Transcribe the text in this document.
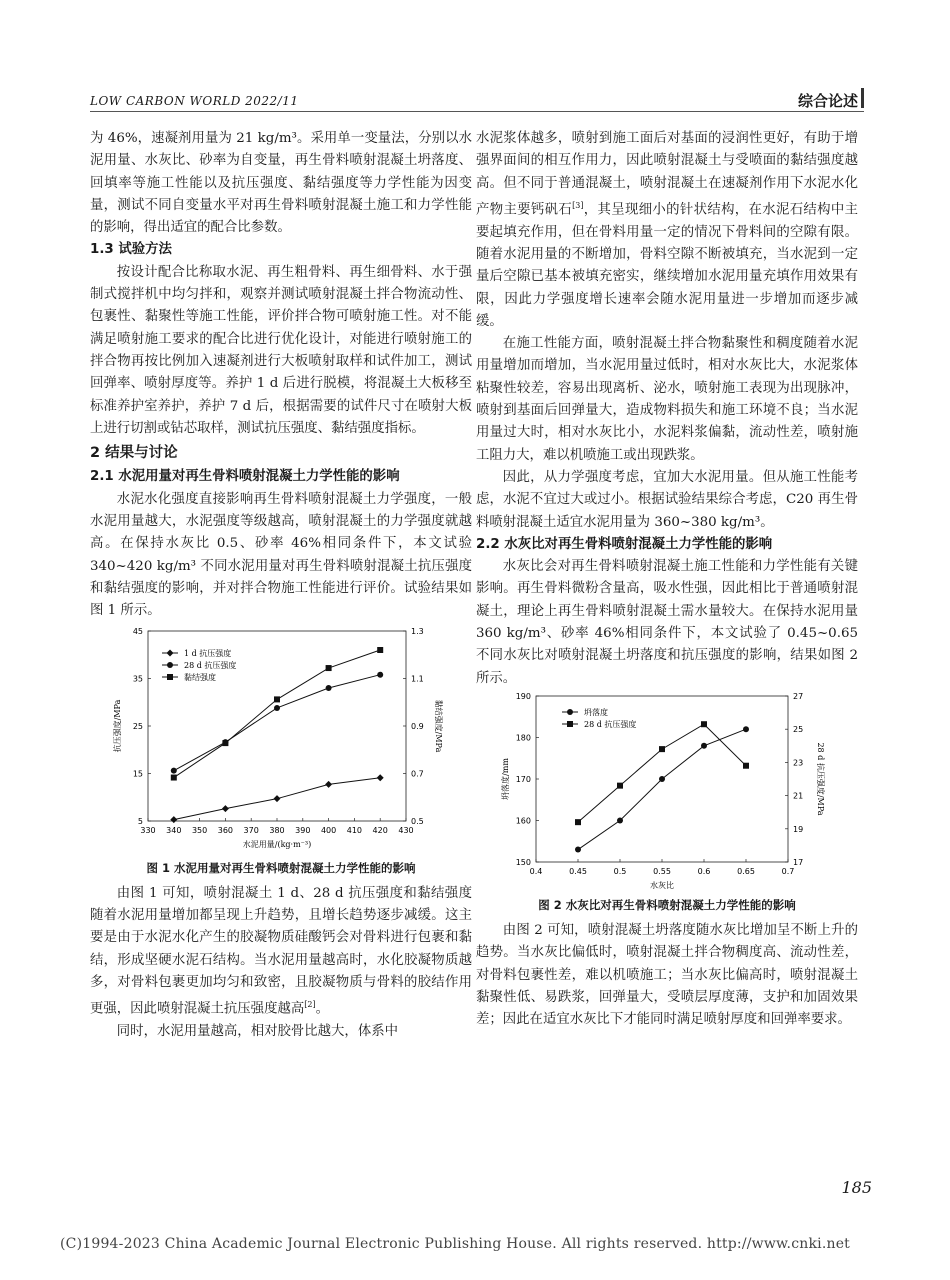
LOW CARBON WORLD 2022/11	综合论述

为 46%，速凝剂用量为 21 kg/m³。采用单一变量法，分别以水泥用量、水灰比、砂率为自变量，再生骨料喷射混凝土坍落度、回填率等施工性能以及抗压强度、黏结强度等力学性能为因变量，测试不同自变量水平对再生骨料喷射混凝土施工和力学性能的影响，得出适宜的配合比参数。

1.3 试验方法

按设计配合比称取水泥、再生粗骨料、再生细骨料、水于强制式搅拌机中均匀拌和，观察并测试喷射混凝土拌合物流动性、包裹性、黏聚性等施工性能，评价拌合物可喷射施工性。对不能满足喷射施工要求的配合比进行优化设计，对能进行喷射施工的拌合物再按比例加入速凝剂进行大板喷射取样和试件加工，测试回弹率、喷射厚度等。养护 1 d 后进行脱模，将混凝土大板移至标准养护室养护，养护 7 d 后，根据需要的试件尺寸在喷射大板上进行切割或钻芯取样，测试抗压强度、黏结强度指标。

2 结果与讨论
2.1 水泥用量对再生骨料喷射混凝土力学性能的影响

水泥水化强度直接影响再生骨料喷射混凝土力学强度，一般水泥用量越大，水泥强度等级越高，喷射混凝土的力学强度就越高。在保持水灰比 0.5、砂率 46%相同条件下，本文试验 340~420 kg/m³ 不同水泥用量对再生骨料喷射混凝土抗压强度和黏结强度的影响，并对拌合物施工性能进行评价。试验结果如图 1 所示。

330 340 350 360 370 380 390 400 410 420 430
5
15
25
35
45
0.5
0.7
0.9
1.1
1.3
水泥用量/(kg·m⁻³)
抗压强度/MPa	黏结强度/MPa
1 d 抗压强度
28 d 抗压强度
黏结强度
图 1 水泥用量对再生骨料喷射混凝土力学性能的影响

由图 1 可知，喷射混凝土 1 d、28 d 抗压强度和黏结强度随着水泥用量增加都呈现上升趋势，且增长趋势逐步减缓。这主要是由于水泥水化产生的胶凝物质硅酸钙会对骨料进行包裹和黏结，形成坚硬水泥石结构。当水泥用量越高时，水化胶凝物质越多，对骨料包裹更加均匀和致密，且胶凝物质与骨料的胶结作用更强，因此喷射混凝土抗压强度越高[2]。

同时，水泥用量越高，相对胶骨比越大，体系中

水泥浆体越多，喷射到施工面后对基面的浸润性更好，有助于增强界面间的相互作用力，因此喷射混凝土与受喷面的黏结强度越高。但不同于普通混凝土，喷射混凝土在速凝剂作用下水泥水化产物主要钙矾石[3]，其呈现细小的针状结构，在水泥石结构中主要起填充作用，但在骨料用量一定的情况下骨料间的空隙有限。随着水泥用量的不断增加，骨料空隙不断被填充，当水泥到一定量后空隙已基本被填充密实，继续增加水泥用量充填作用效果有限，因此力学强度增长速率会随水泥用量进一步增加而逐步减缓。

在施工性能方面，喷射混凝土拌合物黏聚性和稠度随着水泥用量增加而增加，当水泥用量过低时，相对水灰比大，水泥浆体粘聚性较差，容易出现离析、泌水，喷射施工表现为出现脉冲，喷射到基面后回弹量大，造成物料损失和施工环境不良；当水泥用量过大时，相对水灰比小，水泥料浆偏黏，流动性差，喷射施工阻力大，难以机喷施工或出现跌浆。

因此，从力学强度考虑，宜加大水泥用量。但从施工性能考虑，水泥不宜过大或过小。根据试验结果综合考虑，C20 再生骨料喷射混凝土适宜水泥用量为 360~380 kg/m³。

2.2 水灰比对再生骨料喷射混凝土力学性能的影响

水灰比会对再生骨料喷射混凝土施工性能和力学性能有关键影响。再生骨料微粉含量高，吸水性强，因此相比于普通喷射混凝土，理论上再生骨料喷射混凝土需水量较大。在保持水泥用量 360 kg/m³、砂率 46%相同条件下，本文试验了 0.45~0.65 不同水灰比对喷射混凝土坍落度和抗压强度的影响，结果如图 2 所示。

0.4	0.45	0.5	0.55	0.6	0.65	0.7
150
160
170
180
190
17
19
21
23
25
27
水灰比
坍落度/mm	28 d 抗压强度/MPa
坍落度
28 d 抗压强度
图 2 水灰比对再生骨料喷射混凝土力学性能的影响

由图 2 可知，喷射混凝土坍落度随水灰比增加呈不断上升的趋势。当水灰比偏低时，喷射混凝土拌合物稠度高、流动性差，对骨料包裹性差，难以机喷施工；当水灰比偏高时，喷射混凝土黏聚性低、易跌浆，回弹量大，受喷层厚度薄，支护和加固效果差；因此在适宜水灰比下才能同时满足喷射厚度和回弹率要求。

185
(C)1994-2023 China Academic Journal Electronic Publishing House. All rights reserved. http://www.cnki.net
